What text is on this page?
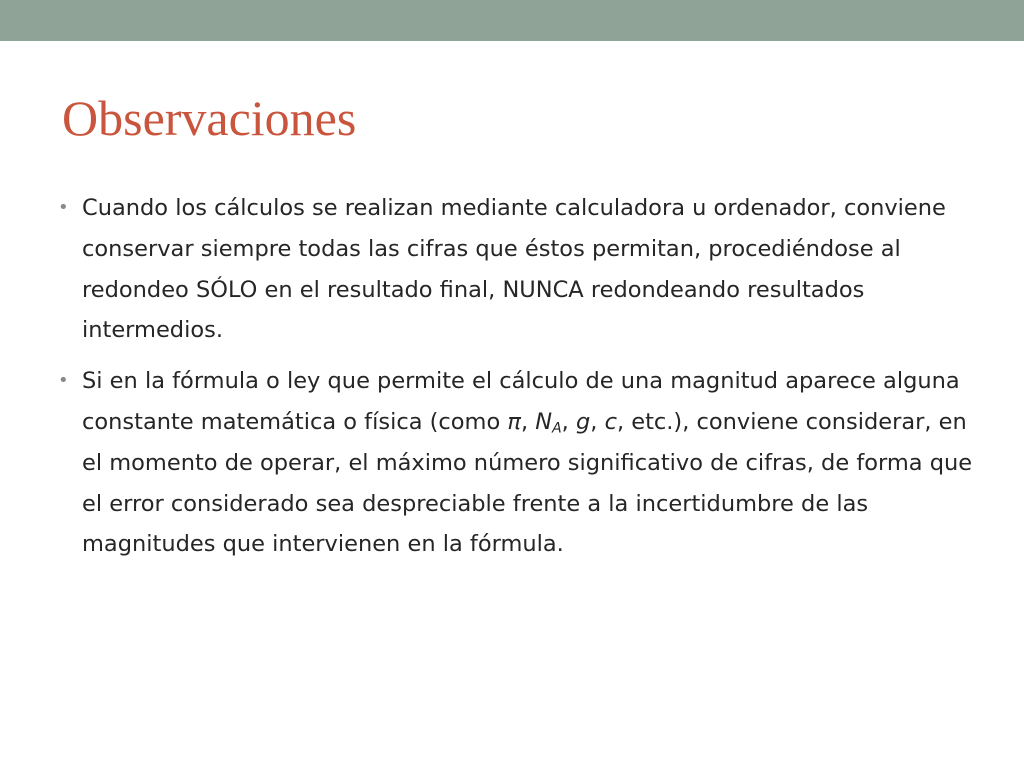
Observaciones
• Cuando los cálculos se realizan mediante calculadora u ordenador, conviene conservar siempre todas las cifras que éstos permitan, procediéndose al redondeo SÓLO en el resultado final, NUNCA redondeando resultados intermedios.
• Si en la fórmula o ley que permite el cálculo de una magnitud aparece alguna constante matemática o física (como π, $N_A$, g, c, etc.), conviene considerar, en el momento de operar, el máximo número significativo de cifras, de forma que el error considerado sea despreciable frente a la incertidumbre de las magnitudes que intervienen en la fórmula.
